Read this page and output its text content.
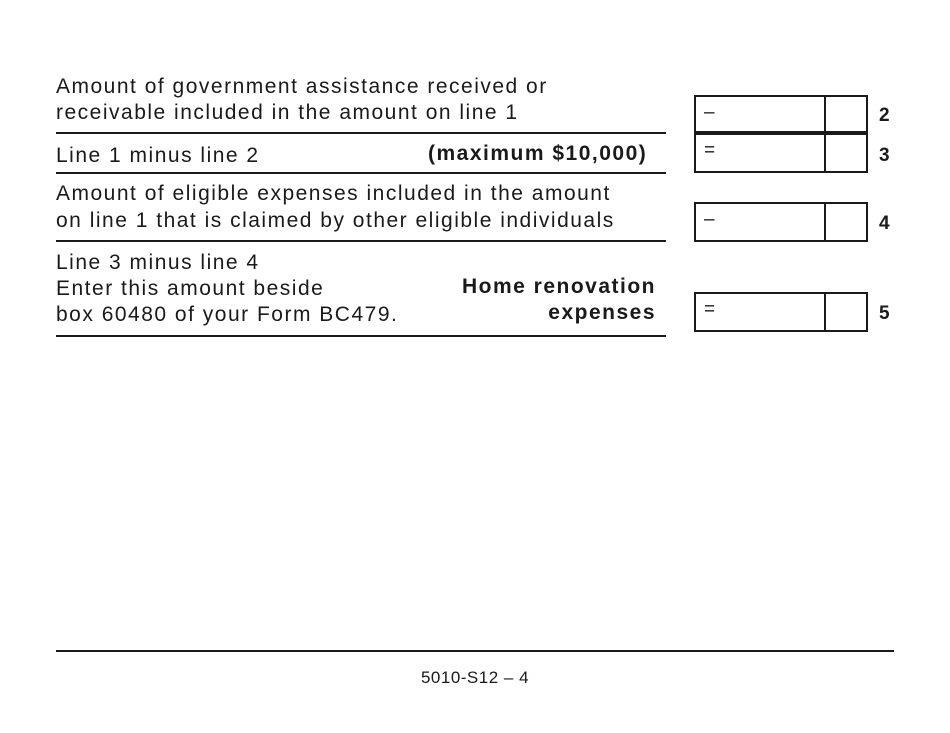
Amount of government assistance received or
receivable included in the amount on line 1	–	2
Line 1 minus line 2	(maximum $10,000)	=	3
Amount of eligible expenses included in the amount
on line 1 that is claimed by other eligible individuals	–	4
Line 3 minus line 4
Enter this amount beside
box 60480 of your Form BC479.
Home renovation
expenses	=	5
5010-S12 – 4
